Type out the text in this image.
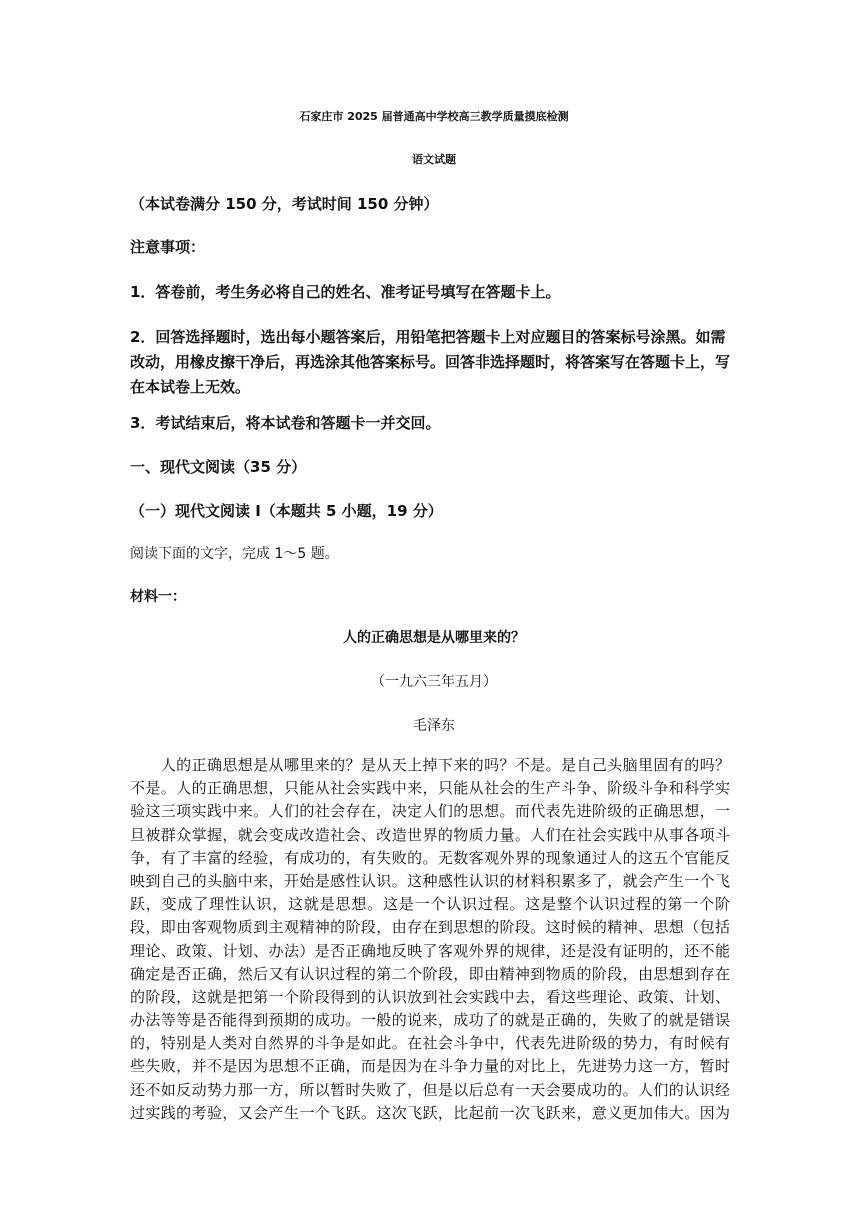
石家庄市 2025 届普通高中学校高三教学质量摸底检测
语文试题
（本试卷满分 150 分，考试时间 150 分钟）
注意事项：
1．答卷前，考生务必将自己的姓名、准考证号填写在答题卡上。
2．回答选择题时，选出每小题答案后，用铅笔把答题卡上对应题目的答案标号涂黑。如需改动，用橡皮擦干净后，再选涂其他答案标号。回答非选择题时，将答案写在答题卡上，写在本试卷上无效。
3．考试结束后，将本试卷和答题卡一并交回。
一、现代文阅读（35 分）
（一）现代文阅读 I（本题共 5 小题，19 分）
阅读下面的文字，完成 1～5 题。
材料一：
人的正确思想是从哪里来的？
（一九六三年五月）
毛泽东
　　人的正确思想是从哪里来的？是从天上掉下来的吗？不是。是自己头脑里固有的吗？
不是。人的正确思想，只能从社会实践中来，只能从社会的生产斗争、阶级斗争和科学实
验这三项实践中来。人们的社会存在，决定人们的思想。而代表先进阶级的正确思想，一
旦被群众掌握，就会变成改造社会、改造世界的物质力量。人们在社会实践中从事各项斗
争，有了丰富的经验，有成功的，有失败的。无数客观外界的现象通过人的这五个官能反
映到自己的头脑中来，开始是感性认识。这种感性认识的材料积累多了，就会产生一个飞
跃，变成了理性认识，这就是思想。这是一个认识过程。这是整个认识过程的第一个阶
段，即由客观物质到主观精神的阶段，由存在到思想的阶段。这时候的精神、思想（包括
理论、政策、计划、办法）是否正确地反映了客观外界的规律，还是没有证明的，还不能
确定是否正确，然后又有认识过程的第二个阶段，即由精神到物质的阶段，由思想到存在
的阶段，这就是把第一个阶段得到的认识放到社会实践中去，看这些理论、政策、计划、
办法等等是否能得到预期的成功。一般的说来，成功了的就是正确的，失败了的就是错误
的，特别是人类对自然界的斗争是如此。在社会斗争中，代表先进阶级的势力，有时候有
些失败，并不是因为思想不正确，而是因为在斗争力量的对比上，先进势力这一方，暂时
还不如反动势力那一方，所以暂时失败了，但是以后总有一天会要成功的。人们的认识经
过实践的考验，又会产生一个飞跃。这次飞跃，比起前一次飞跃来，意义更加伟大。因为
